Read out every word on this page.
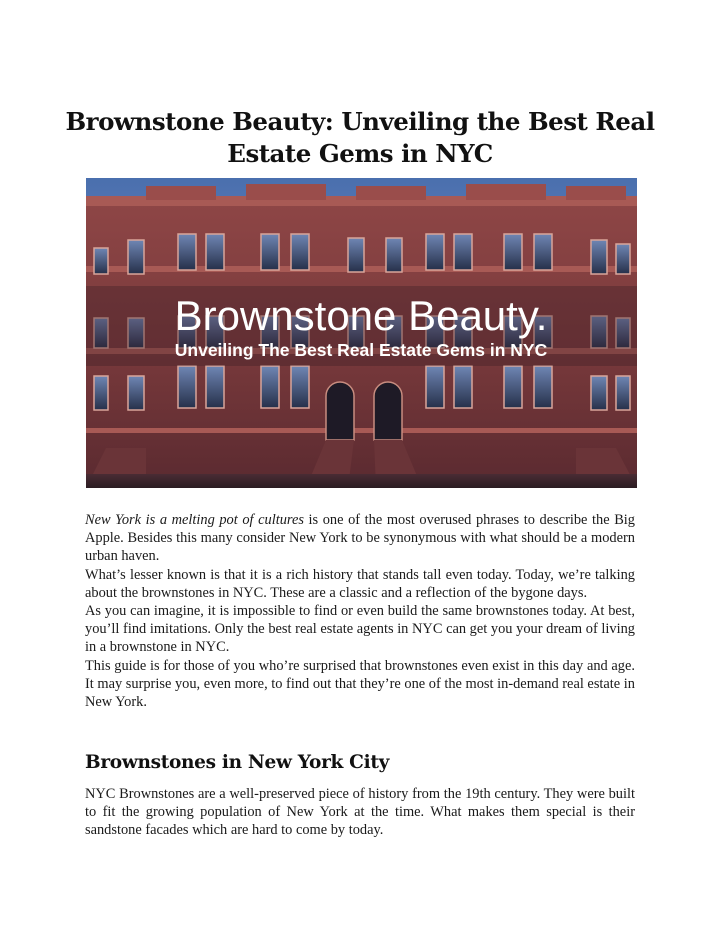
Brownstone Beauty: Unveiling the Best Real Estate Gems in NYC
Brownstone Beauty.
Unveiling The Best Real Estate Gems in NYC

New York is a melting pot of cultures is one of the most overused phrases to describe the Big Apple. Besides this many consider New York to be synonymous with what should be a modern urban haven.

What’s lesser known is that it is a rich history that stands tall even today. Today, we’re talking about the brownstones in NYC. These are a classic and a reflection of the bygone days.

As you can imagine, it is impossible to find or even build the same brownstones today. At best, you’ll find imitations. Only the best real estate agents in NYC can get you your dream of living in a brownstone in NYC.

This guide is for those of you who’re surprised that brownstones even exist in this day and age. It may surprise you, even more, to find out that they’re one of the most in-demand real estate in New York.

Brownstones in New York City

NYC Brownstones are a well-preserved piece of history from the 19th century. They were built to fit the growing population of New York at the time. What makes them special is their sandstone facades which are hard to come by today.
